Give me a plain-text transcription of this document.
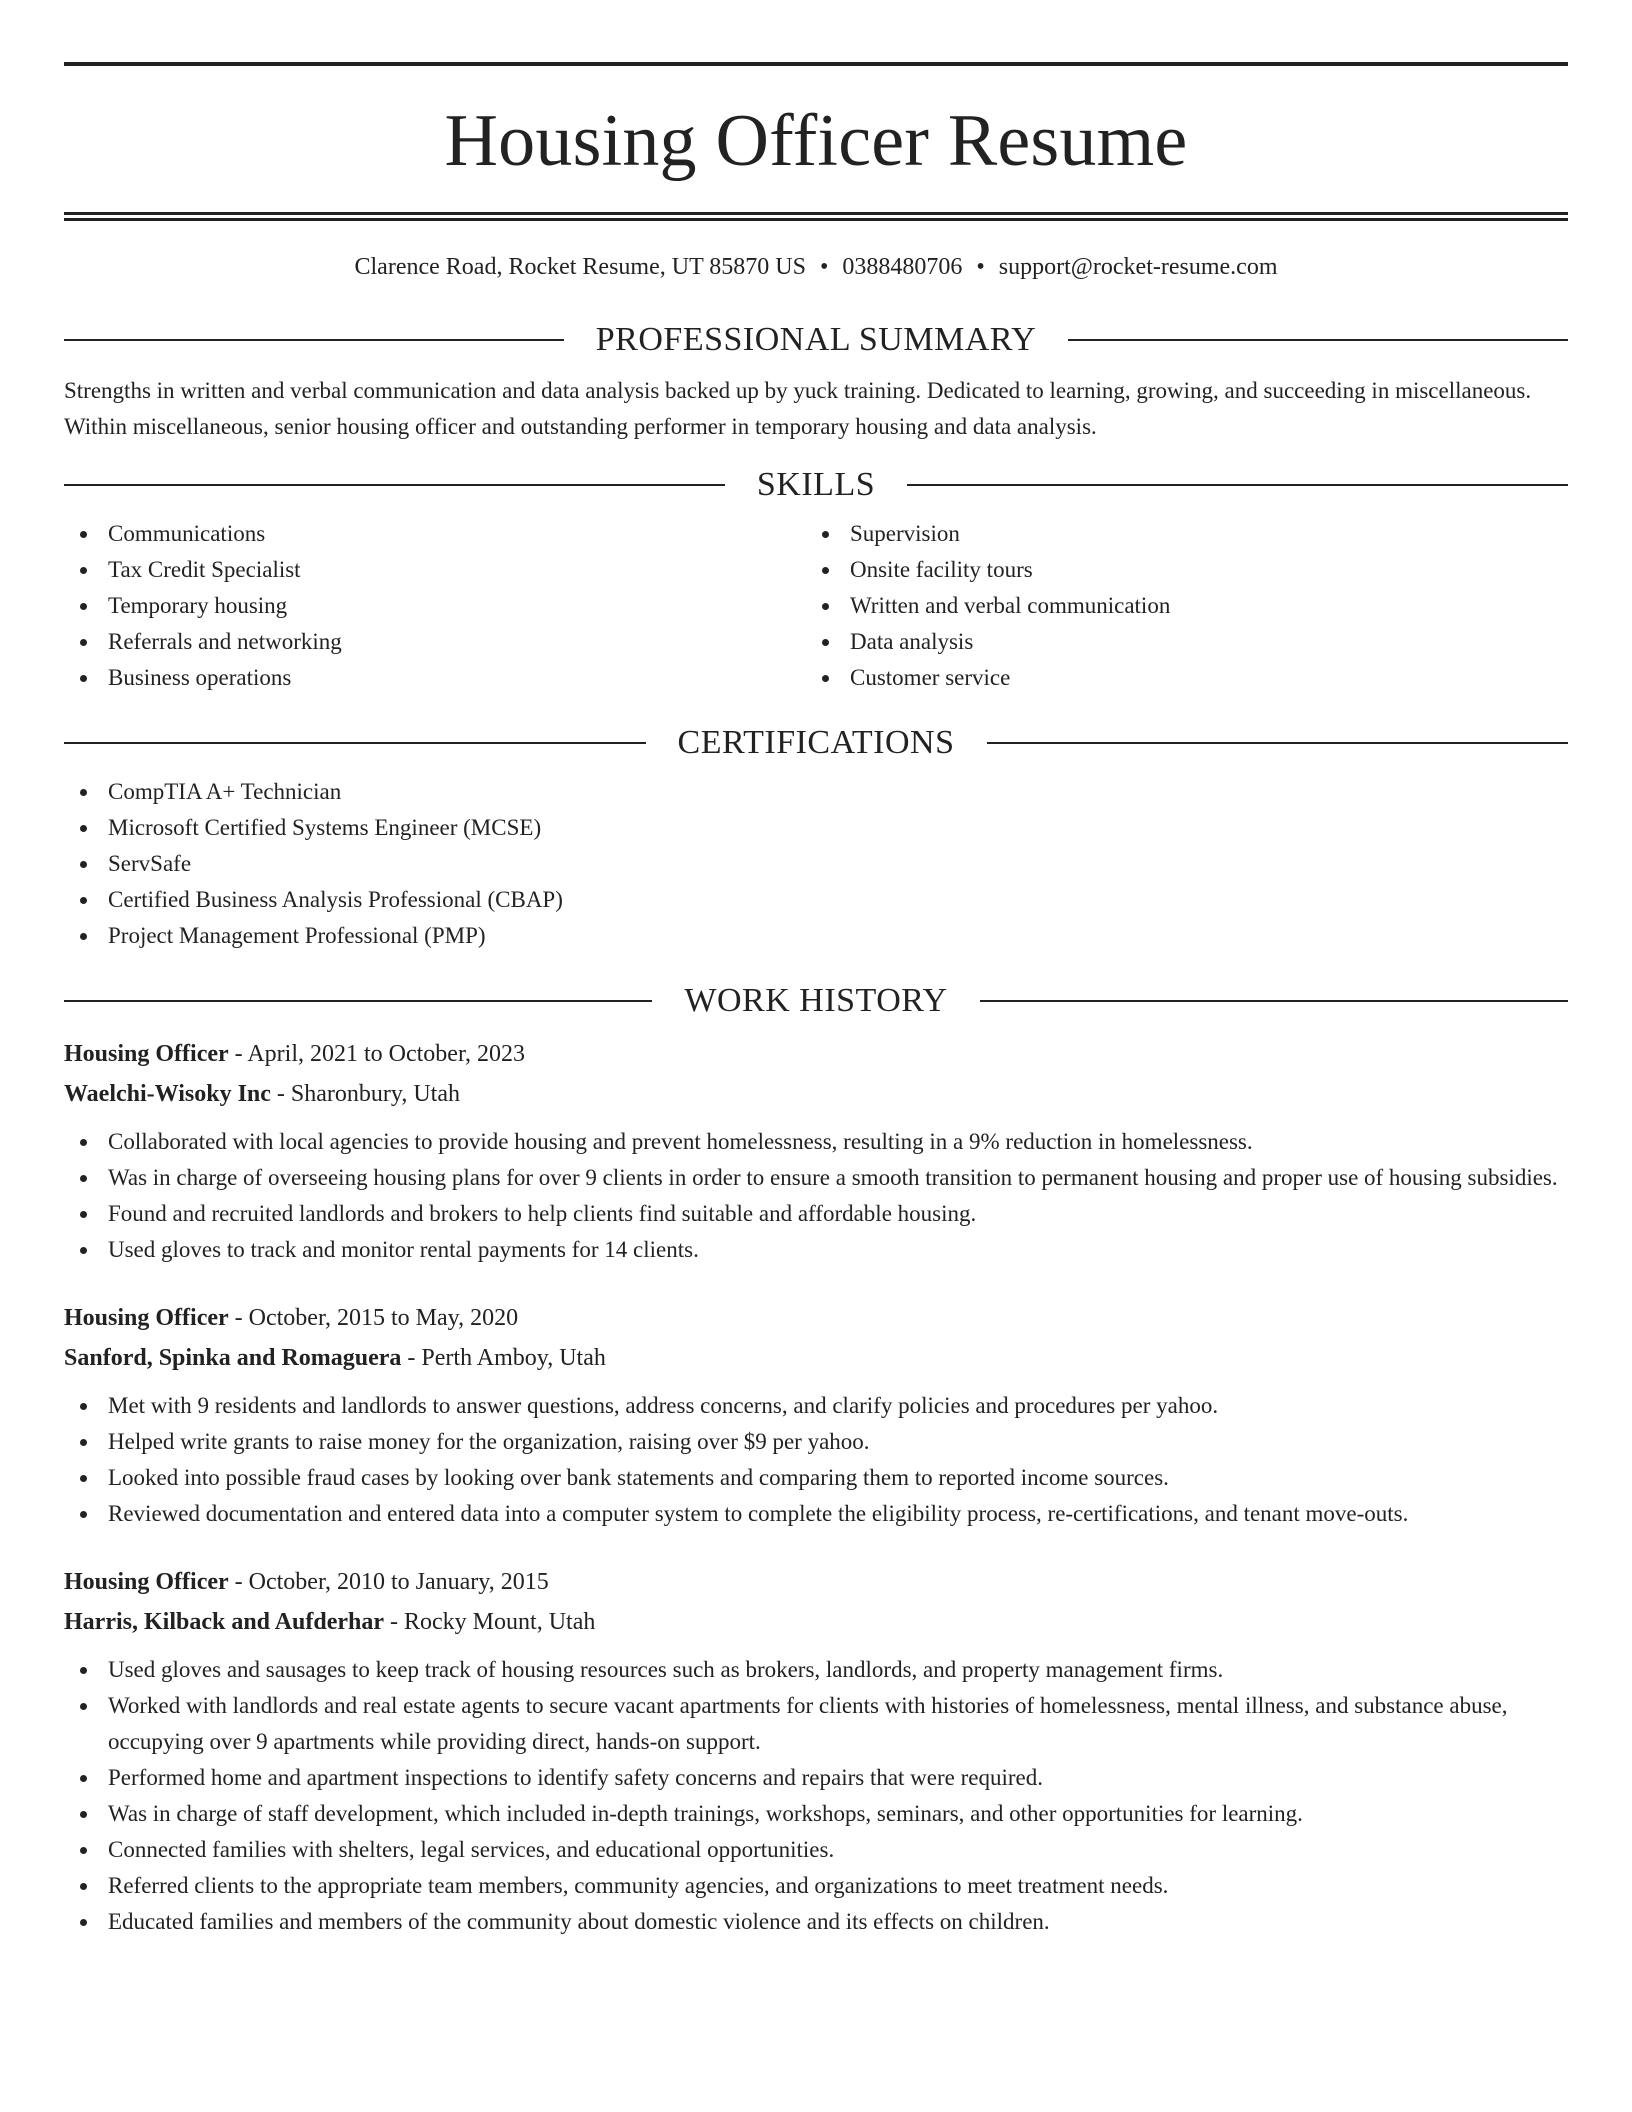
Housing Officer Resume
Clarence Road, Rocket Resume, UT 85870 US • 0388480706 • support@rocket-resume.com
PROFESSIONAL SUMMARY

Strengths in written and verbal communication and data analysis backed up by yuck training. Dedicated to learning, growing, and succeeding in miscellaneous. Within miscellaneous, senior housing officer and outstanding performer in temporary housing and data analysis.

SKILLS
Communications
Tax Credit Specialist
Temporary housing
Referrals and networking
Business operations
Supervision
Onsite facility tours
Written and verbal communication
Data analysis
Customer service
CERTIFICATIONS
CompTIA A+ Technician
Microsoft Certified Systems Engineer (MCSE)
ServSafe
Certified Business Analysis Professional (CBAP)
Project Management Professional (PMP)
WORK HISTORY
Housing Officer - April, 2021 to October, 2023
Waelchi-Wisoky Inc - Sharonbury, Utah
Collaborated with local agencies to provide housing and prevent homelessness, resulting in a 9% reduction in homelessness.
Was in charge of overseeing housing plans for over 9 clients in order to ensure a smooth transition to permanent housing and proper use of housing subsidies.
Found and recruited landlords and brokers to help clients find suitable and affordable housing.
Used gloves to track and monitor rental payments for 14 clients.
Housing Officer - October, 2015 to May, 2020
Sanford, Spinka and Romaguera - Perth Amboy, Utah
Met with 9 residents and landlords to answer questions, address concerns, and clarify policies and procedures per yahoo.
Helped write grants to raise money for the organization, raising over $9 per yahoo.
Looked into possible fraud cases by looking over bank statements and comparing them to reported income sources.
Reviewed documentation and entered data into a computer system to complete the eligibility process, re-certifications, and tenant move-outs.
Housing Officer - October, 2010 to January, 2015
Harris, Kilback and Aufderhar - Rocky Mount, Utah
Used gloves and sausages to keep track of housing resources such as brokers, landlords, and property management firms.
Worked with landlords and real estate agents to secure vacant apartments for clients with histories of homelessness, mental illness, and substance abuse, occupying over 9 apartments while providing direct, hands-on support.
Performed home and apartment inspections to identify safety concerns and repairs that were required.
Was in charge of staff development, which included in-depth trainings, workshops, seminars, and other opportunities for learning.
Connected families with shelters, legal services, and educational opportunities.
Referred clients to the appropriate team members, community agencies, and organizations to meet treatment needs.
Educated families and members of the community about domestic violence and its effects on children.
